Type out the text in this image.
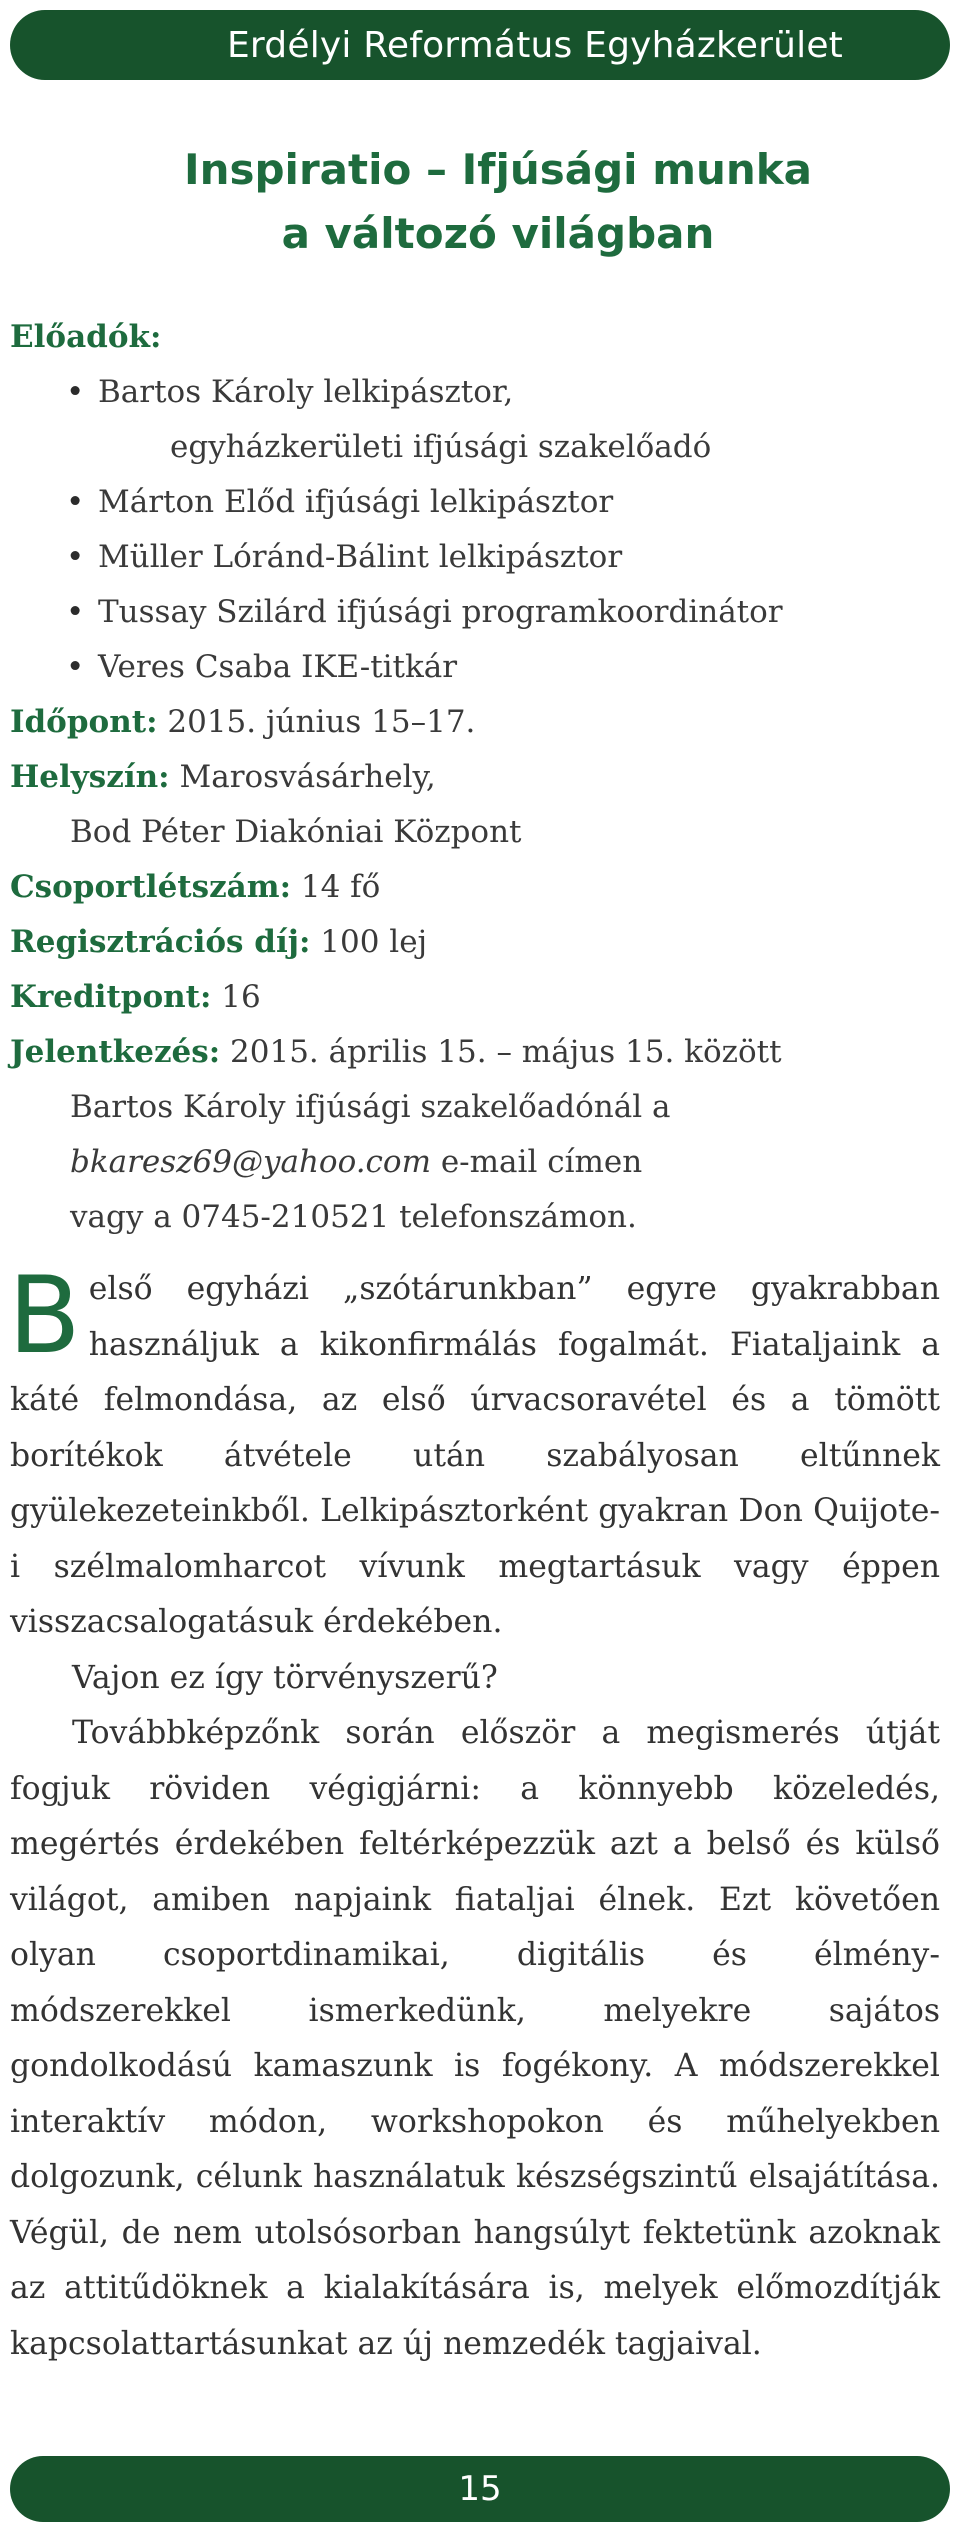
Erdélyi Református Egyházkerület
Inspiratio – Ifjúsági munka
a változó világban
Előadók:
• Bartos Károly lelkipásztor,
egyházkerületi ifjúsági szakelőadó
• Márton Előd ifjúsági lelkipásztor
• Müller Lóránd-Bálint lelkipásztor
• Tussay Szilárd ifjúsági programkoordinátor
• Veres Csaba IKE-titkár
Időpont: 2015. június 15–17.
Helyszín: Marosvásárhely,
Bod Péter Diakóniai Központ
Csoportlétszám: 14 fő
Regisztrációs díj: 100 lej
Kreditpont: 16
Jelentkezés: 2015. április 15. – május 15. között
Bartos Károly ifjúsági szakelőadónál a
bkaresz69@yahoo.com e-mail címen
vagy a 0745-210521 telefonszámon.

Belső egyházi „szótárunkban” egyre gyakrabban használjuk a kikonfirmálás fogalmát. Fiataljaink a káté felmondása, az első úrvacsoravétel és a tömött borítékok átvétele után szabályosan eltűnnek gyülekezeteinkből. Lelkipásztorként gyakran Don Quijote-i szélmalomharcot vívunk megtartásuk vagy éppen visszacsalogatásuk érdekében.

Vajon ez így törvényszerű?

Továbbképzőnk során először a megismerés útját fogjuk röviden végigjárni: a könnyebb közeledés, megértés érdekében feltérképezzük azt a belső és külső világot, amiben napjaink fiataljai élnek. Ezt követően olyan csoportdinamikai, digitális és élmény- módszerekkel ismerkedünk, melyekre sajátos gondolkodású kamaszunk is fogékony. A módszerekkel interaktív módon, workshopokon és műhelyekben dolgozunk, célunk használatuk készségszintű elsajátítása. Végül, de nem utolsósorban hangsúlyt fektetünk azoknak az attitűdöknek a kialakítására is, melyek előmozdítják kapcsolattartásunkat az új nemzedék tagjaival.

15
